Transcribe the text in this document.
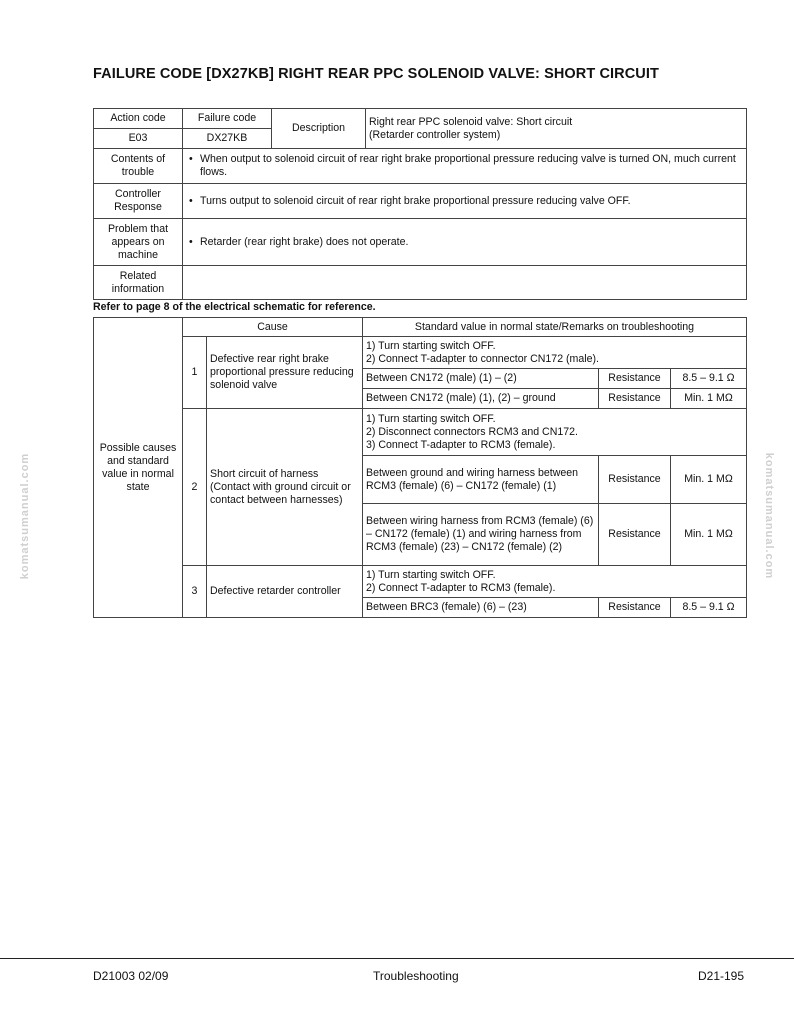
FAILURE CODE [DX27KB] RIGHT REAR PPC SOLENOID VALVE: SHORT CIRCUIT
Action code	Failure code	Description	Right rear PPC solenoid valve: Short circuit
(Retarder controller system)

E03	DX27KB		
Contents of trouble	• When output to solenoid circuit of rear right brake proportional pressure reducing valve is turned ON, much current flows.

Controller Response	• Turns output to solenoid circuit of rear right brake proportional pressure reducing valve OFF.

Problem that appears on machine	• Retarder (rear right brake) does not operate.

Related information			
Refer to page 8 of the electrical schematic for reference.
Possible causes and standard value in normal state	Cause		Standard value in normal state/Remarks on troubleshooting		
	1	Defective rear right brake proportional pressure reducing solenoid valve	1) Turn starting switch OFF.
2) Connect T-adapter to connector CN172 (male).		
			Between CN172 (male) (1) – (2)	Resistance	8.5 – 9.1 Ω
			Between CN172 (male) (1), (2) – ground	Resistance	Min. 1 MΩ
	2	Short circuit of harness (Contact with ground circuit or contact between harnesses)	1) Turn starting switch OFF.
2) Disconnect connectors RCM3 and CN172.
3) Connect T-adapter to RCM3 (female).		
			Between ground and wiring harness between RCM3 (female) (6) – CN172 (female) (1)	Resistance	Min. 1 MΩ
			Between wiring harness from RCM3 (female) (6) – CN172 (female) (1) and wiring harness from RCM3 (female) (23) – CN172 (female) (2)	Resistance	Min. 1 MΩ
	3	Defective retarder controller	1) Turn starting switch OFF.
2) Connect T-adapter to RCM3 (female).		
			Between BRC3 (female) (6) – (23)	Resistance	8.5 – 9.1 Ω
komatsumanual.com	komatsumanual.com
D21003 02/09	Troubleshooting	D21-195
